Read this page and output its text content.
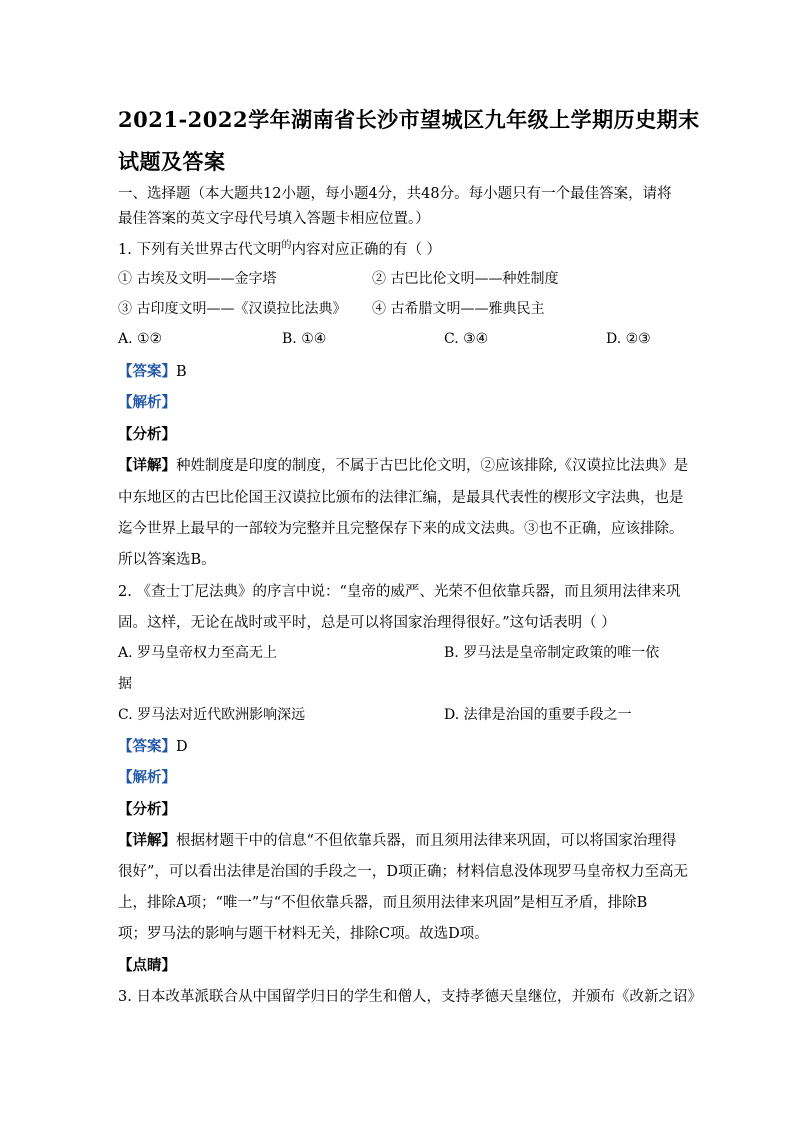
2021-2022学年湖南省长沙市望城区九年级上学期历史期末
试题及答案
一、选择题（本大题共12小题，每小题4分，共48分。每小题只有一个最佳答案，请将
最佳答案的英文字母代号填入答题卡相应位置。）
1. 下列有关世界古代文明$^的$内容对应正确的有（ ）
① 古埃及文明——金字塔	② 古巴比伦文明——种姓制度
③ 古印度文明——《汉谟拉比法典》 ④ 古希腊文明——雅典民主
A. ①②	B. ①④	C. ③④	D. ②③
【答案】B
【解析】
【分析】
【详解】种姓制度是印度的制度，不属于古巴比伦文明，②应该排除,《汉谟拉比法典》是
中东地区的古巴比伦国王汉谟拉比颁布的法律汇编，是最具代表性的楔形文字法典，也是
迄今世界上最早的一部较为完整并且完整保存下来的成文法典。③也不正确，应该排除。
所以答案选B。
2. 《查士丁尼法典》的序言中说：“皇帝的威严、光荣不但依靠兵器，而且须用法律来巩
固。这样，无论在战时或平时，总是可以将国家治理得很好。”这句话表明（ ）
A. 罗马皇帝权力至高无上	B. 罗马法是皇帝制定政策的唯一依
据
C. 罗马法对近代欧洲影响深远	D. 法律是治国的重要手段之一
【答案】D
【解析】
【分析】
【详解】根据材题干中的信息“不但依靠兵器，而且须用法律来巩固，可以将国家治理得
很好”，可以看出法律是治国的手段之一，D项正确；材料信息没体现罗马皇帝权力至高无
上，排除A项；“唯一”与“不但依靠兵器，而且须用法律来巩固”是相互矛盾，排除B
项；罗马法的影响与题干材料无关，排除C项。故选D项。
【点睛】
3. 日本改革派联合从中国留学归日的学生和僧人，支持孝德天皇继位，并颁布《改新之诏》
